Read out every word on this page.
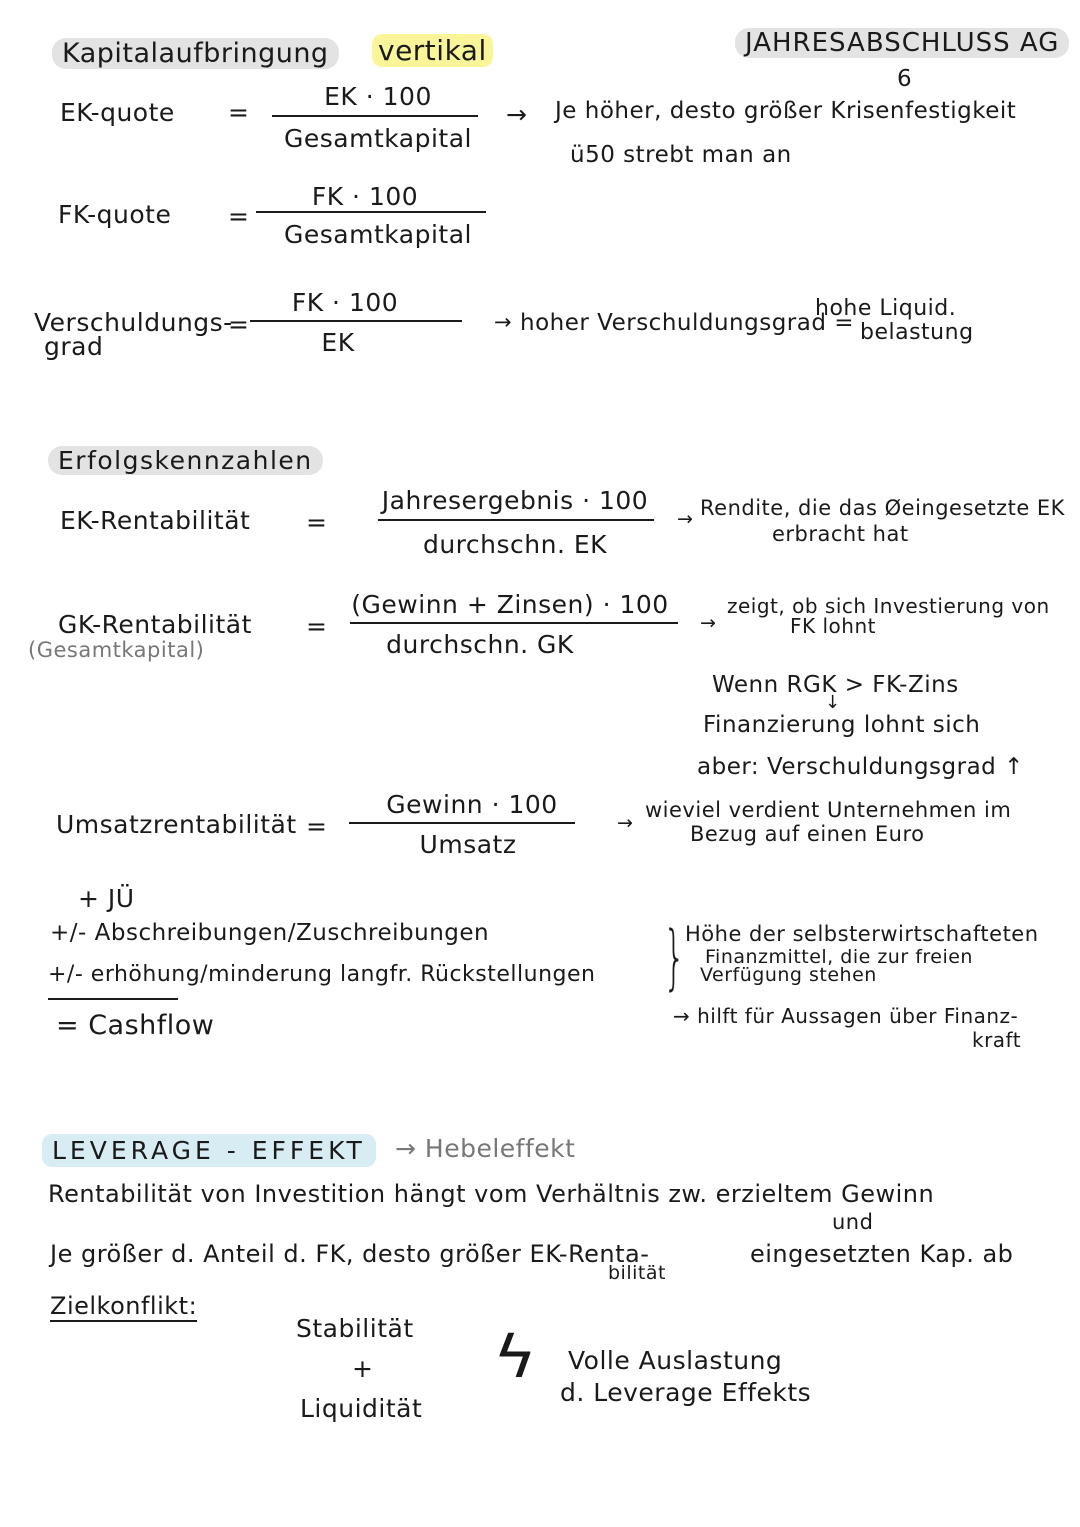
Kapitalaufbringung	vertikal	JAHRESABSCHLUSS AG
6
EK-quote =
EK · 100
Gesamtkapital
→ Je höher, desto größer Krisenfestigkeit
ü50 strebt man an
FK-quote =
FK · 100
Gesamtkapital
Verschuldungs-
grad
=
FK · 100
EK
→ hoher Verschuldungsgrad =
hohe Liquid.
belastung
Erfolgskennzahlen
EK-Rentabilität =
Jahresergebnis · 100
durchschn. EK
→ Rendite, die das Øeingesetzte EK
erbracht hat
GK-Rentabilität
(Gesamtkapital)
=
(Gewinn + Zinsen) · 100
durchschn. GK
→
zeigt, ob sich Investierung von
FK lohnt
Wenn RGK > FK-Zins
↓
Finanzierung lohnt sich
aber: Verschuldungsgrad ↑
Umsatzrentabilität =
Gewinn · 100
Umsatz
→
wieviel verdient Unternehmen im
Bezug auf einen Euro
+ JÜ
+/- Abschreibungen/Zuschreibungen
+/- erhöhung/minderung langfr. Rückstellungen
= Cashflow
} Höhe der selbsterwirtschafteten
Finanzmittel, die zur freien
Verfügung stehen
→ hilft für Aussagen über Finanz-
kraft
LEVERAGE - EFFEKT	→ Hebeleffekt
Rentabilität von Investition hängt vom Verhältnis zw. erzieltem Gewinn
und
Je größer d. Anteil d. FK, desto größer EK-Renta-
bilität
eingesetzten Kap. ab
Zielkonflikt:
Stabilität
+
Liquidität
ϟ Volle Auslastung
d. Leverage Effekts
